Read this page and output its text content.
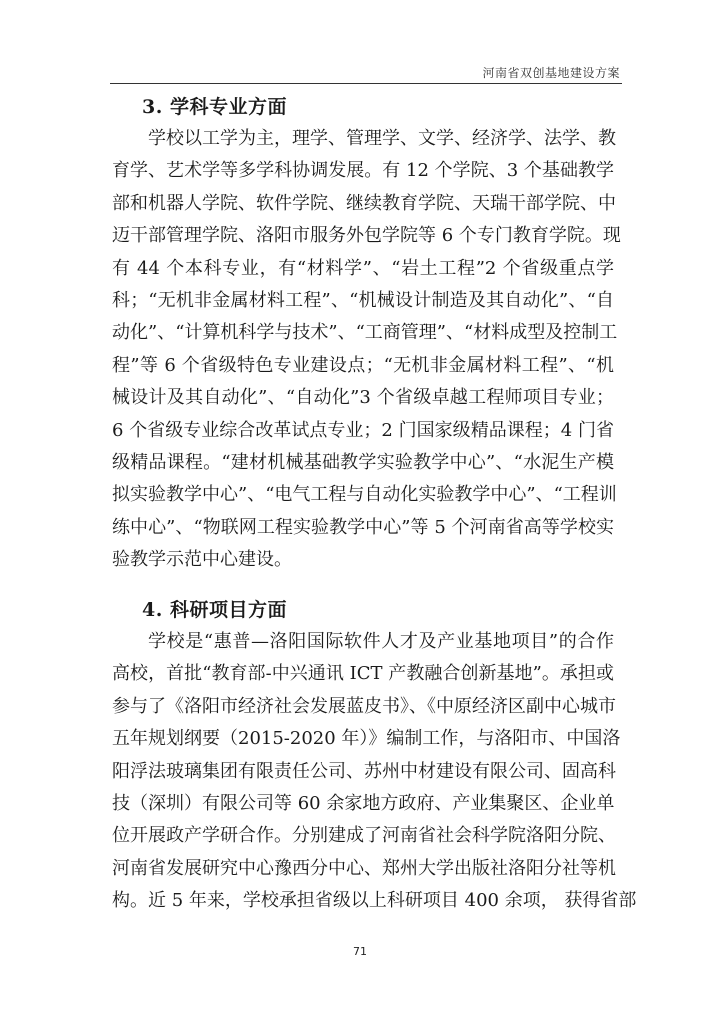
河南省双创基地建设方案
3. 学科专业方面
学校以工学为主，理学、管理学、文学、经济学、法学、教
育学、艺术学等多学科协调发展。有 12 个学院、3 个基础教学
部和机器人学院、软件学院、继续教育学院、天瑞干部学院、中
迈干部管理学院、洛阳市服务外包学院等 6 个专门教育学院。现
有 44 个本科专业，有“材料学”、“岩土工程”2 个省级重点学
科；“无机非金属材料工程”、“机械设计制造及其自动化”、“自
动化”、“计算机科学与技术”、“工商管理”、“材料成型及控制工
程”等 6 个省级特色专业建设点；“无机非金属材料工程”、“机
械设计及其自动化”、“自动化”3 个省级卓越工程师项目专业；
6 个省级专业综合改革试点专业；2 门国家级精品课程；4 门省
级精品课程。“建材机械基础教学实验教学中心”、“水泥生产模
拟实验教学中心”、“电气工程与自动化实验教学中心”、“工程训
练中心”、“物联网工程实验教学中心”等 5 个河南省高等学校实
验教学示范中心建设。
4. 科研项目方面
学校是“惠普—洛阳国际软件人才及产业基地项目”的合作
高校，首批“教育部-中兴通讯 ICT 产教融合创新基地”。承担或
参与了《洛阳市经济社会发展蓝皮书》、《中原经济区副中心城市
五年规划纲要（2015-2020 年）》编制工作，与洛阳市、中国洛
阳浮法玻璃集团有限责任公司、苏州中材建设有限公司、固高科
技（深圳）有限公司等 60 余家地方政府、产业集聚区、企业单
位开展政产学研合作。分别建成了河南省社会科学院洛阳分院、
河南省发展研究中心豫西分中心、郑州大学出版社洛阳分社等机
构。近 5 年来，学校承担省级以上科研项目 400 余项， 获得省部
71
